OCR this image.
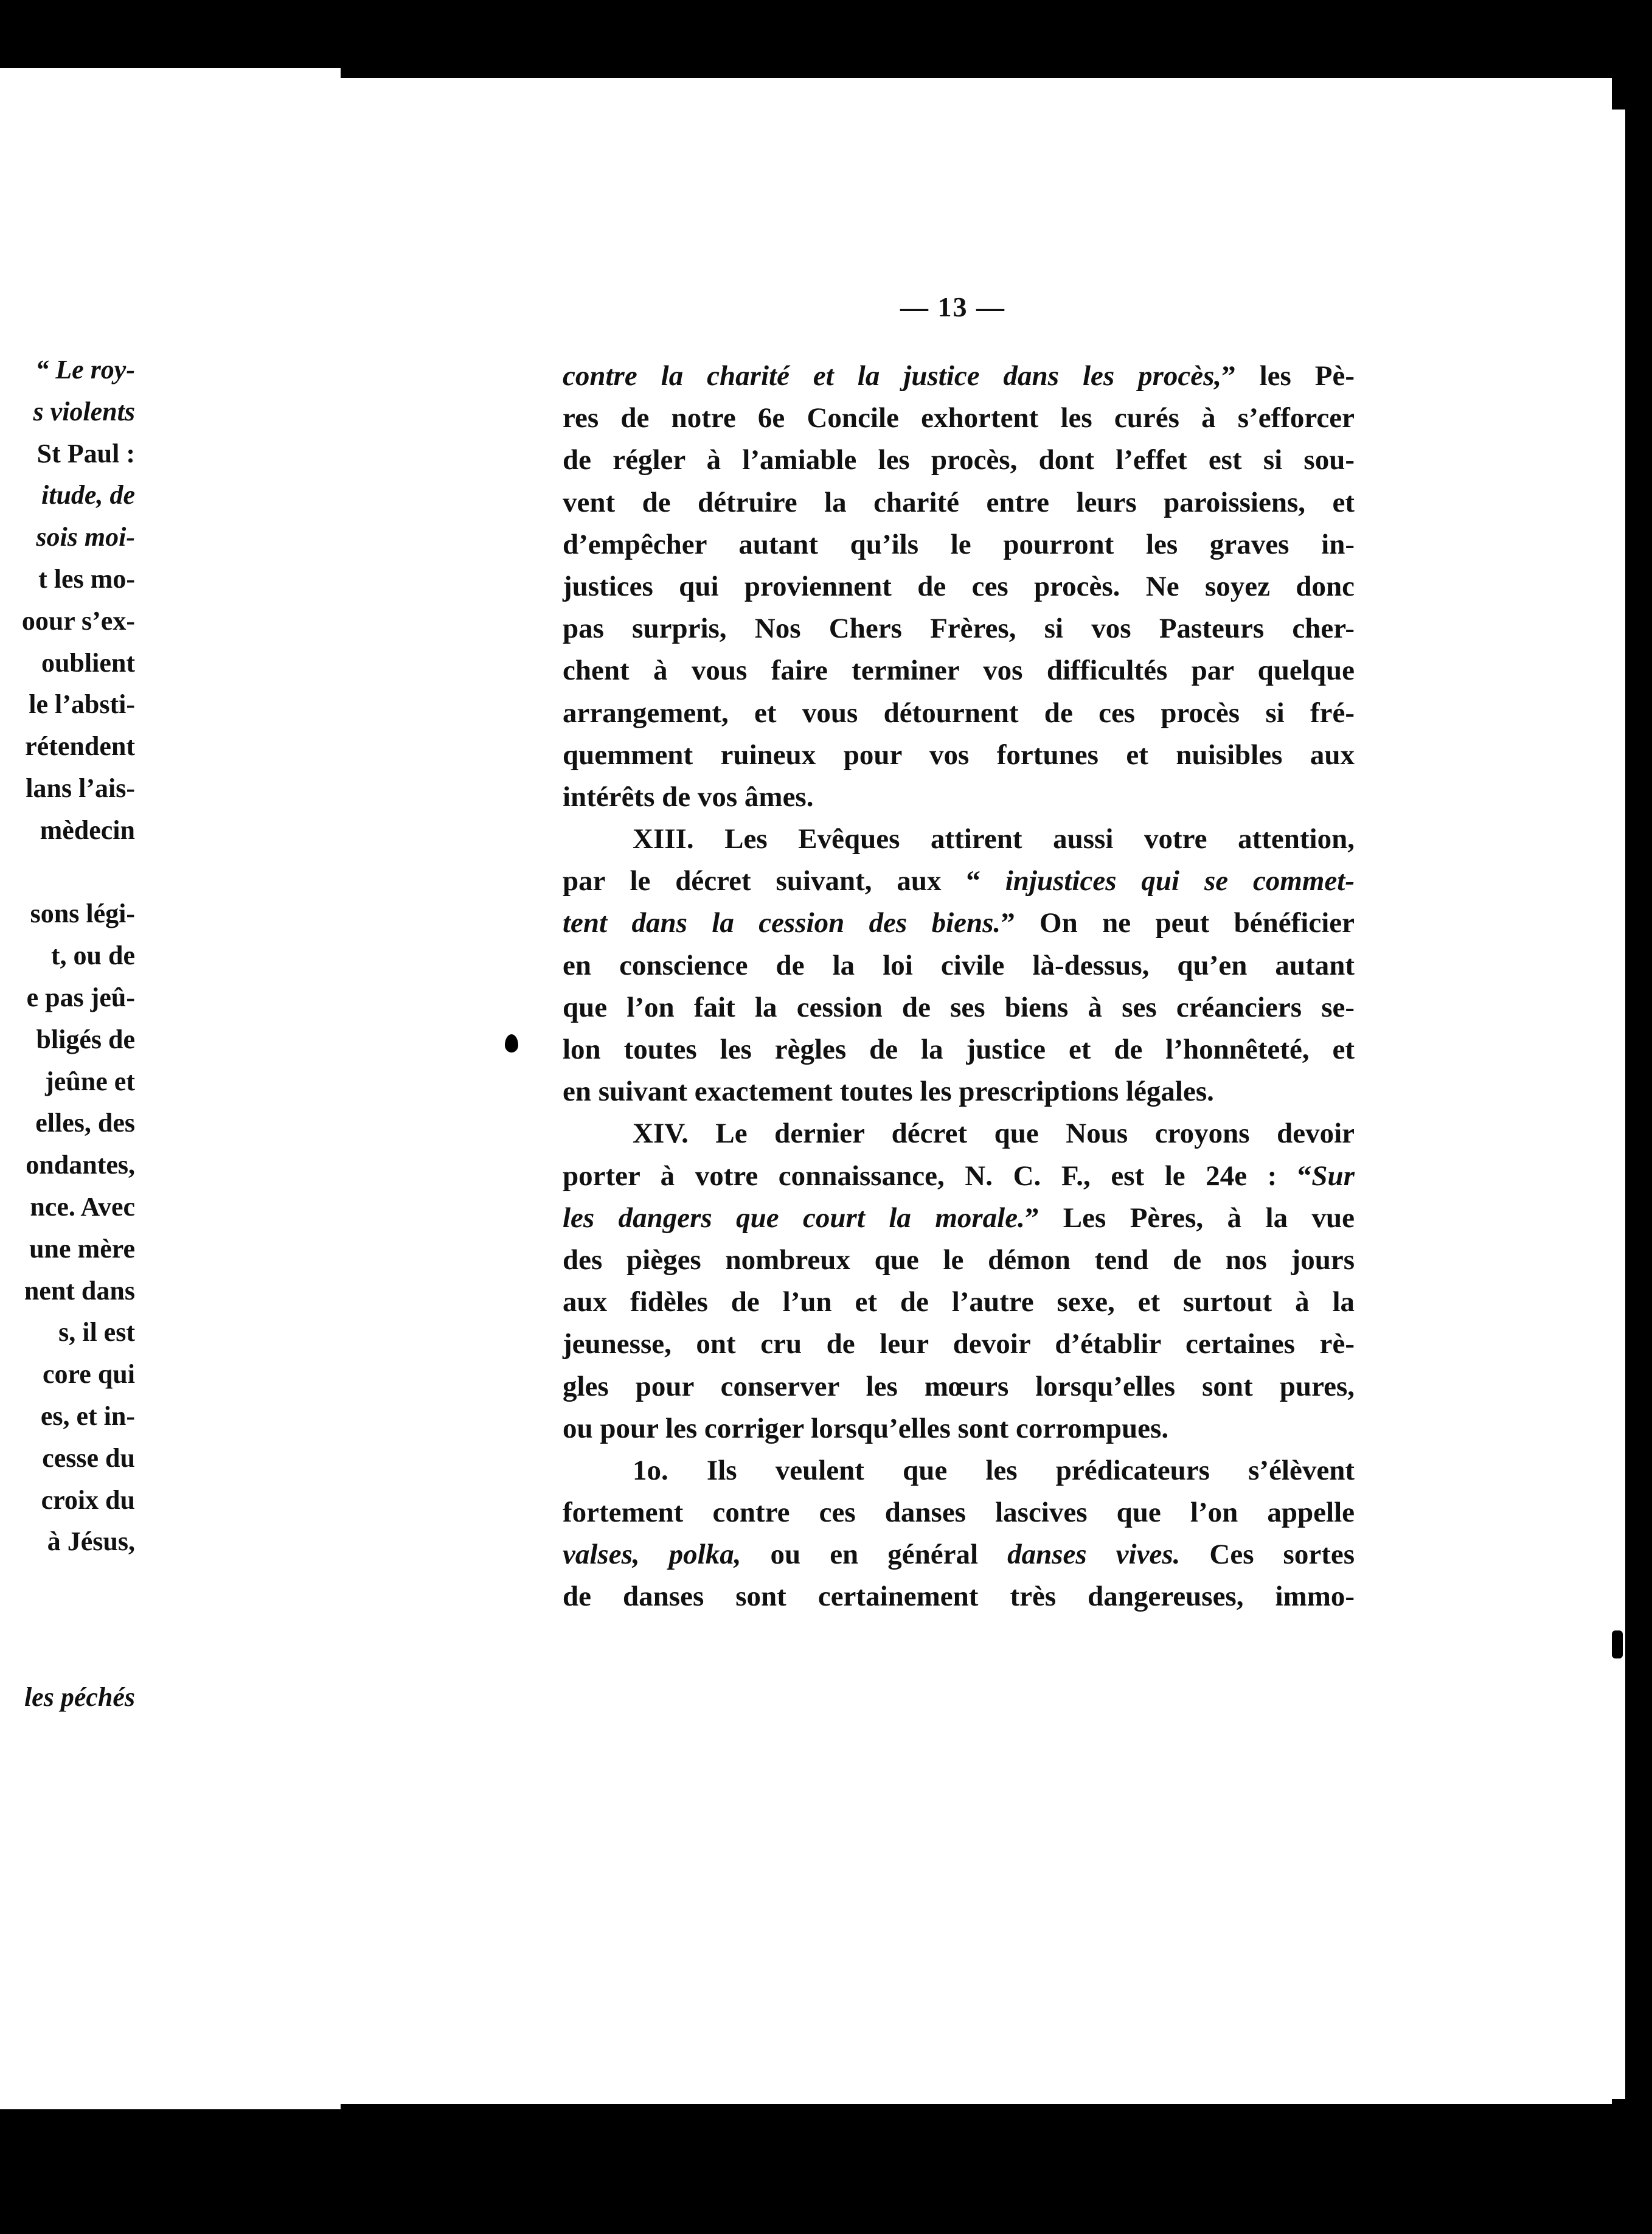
“ Le roy-
s violents
St Paul :
itude, de
sois moi-
t les mo-
oour s’ex-
oublient
le l’absti-
rétendent
lans l’ais-
mèdecin
sons légi-
t, ou de
e pas jeû-
bligés de
jeûne et
elles, des
ondantes,
nce. Avec
une mère
nent dans
s, il est
core qui
es, et in-
cesse du
croix du
à Jésus,
les péchés
— 13 —
contre la charité et la justice dans les procès,” les Pè-
res de notre 6e Concile exhortent les curés à s’efforcer
de régler à l’amiable les procès, dont l’effet est si sou-
vent de détruire la charité entre leurs paroissiens, et
d’empêcher autant qu’ils le pourront les graves in-
justices qui proviennent de ces procès. Ne soyez donc
pas surpris, Nos Chers Frères, si vos Pasteurs cher-
chent à vous faire terminer vos difficultés par quelque
arrangement, et vous détournent de ces procès si fré-
quemment ruineux pour vos fortunes et nuisibles aux
intérêts de vos âmes.
XIII. Les Evêques attirent aussi votre attention,
par le décret suivant, aux “ injustices qui se commet-
tent dans la cession des biens.” On ne peut bénéficier
en conscience de la loi civile là-dessus, qu’en autant
que l’on fait la cession de ses biens à ses créanciers se-
lon toutes les règles de la justice et de l’honnêteté, et
en suivant exactement toutes les prescriptions légales.
XIV. Le dernier décret que Nous croyons devoir
porter à votre connaissance, N. C. F., est le 24e : “Sur
les dangers que court la morale.” Les Pères, à la vue
des pièges nombreux que le démon tend de nos jours
aux fidèles de l’un et de l’autre sexe, et surtout à la
jeunesse, ont cru de leur devoir d’établir certaines rè-
gles pour conserver les mœurs lorsqu’elles sont pures,
ou pour les corriger lorsqu’elles sont corrompues.
1o. Ils veulent que les prédicateurs s’élèvent
fortement contre ces danses lascives que l’on appelle
valses, polka, ou en général danses vives. Ces sortes
de danses sont certainement très dangereuses, immo-
